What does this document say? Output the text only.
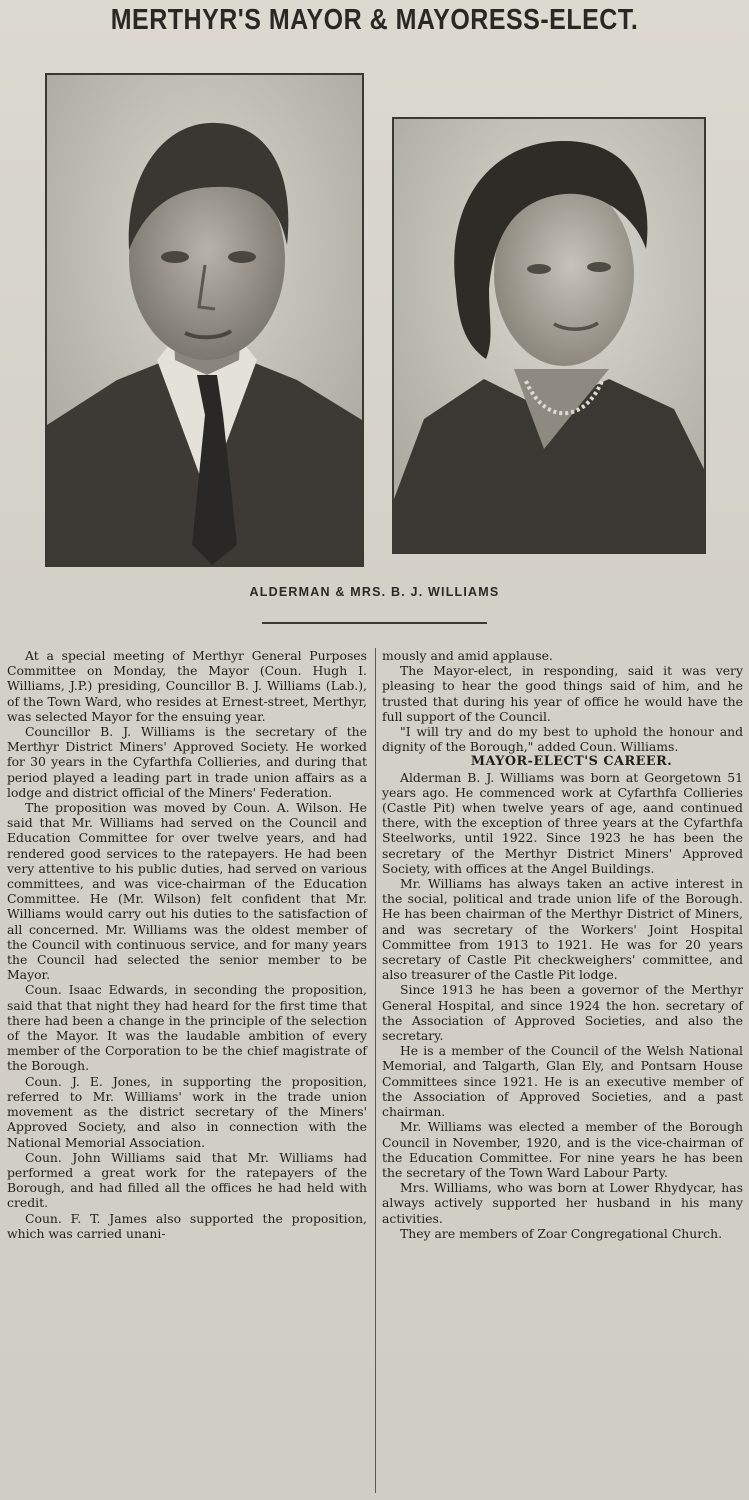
MERTHYR'S MAYOR & MAYORESS-ELECT.
ALDERMAN & MRS. B. J. WILLIAMS

At a special meeting of Merthyr General Purposes Committee on Monday, the Mayor (Coun. Hugh I. Williams, J.P.) presiding, Councillor B. J. Williams (Lab.), of the Town Ward, who resides at Ernest-street, Merthyr, was selected Mayor for the ensuing year.

Councillor B. J. Williams is the secretary of the Merthyr District Miners' Approved Society. He worked for 30 years in the Cyfarthfa Collieries, and during that period played a leading part in trade union affairs as a lodge and district official of the Miners' Federation.

The proposition was moved by Coun. A. Wilson. He said that Mr. Williams had served on the Council and Education Committee for over twelve years, and had rendered good services to the ratepayers. He had been very attentive to his public duties, had served on various committees, and was vice-chairman of the Education Committee. He (Mr. Wilson) felt confident that Mr. Williams would carry out his duties to the satisfaction of all concerned. Mr. Williams was the oldest member of the Council with continuous service, and for many years the Council had selected the senior member to be Mayor.

Coun. Isaac Edwards, in seconding the proposition, said that that night they had heard for the first time that there had been a change in the principle of the selection of the Mayor. It was the laudable ambition of every member of the Corporation to be the chief magistrate of the Borough.

Coun. J. E. Jones, in supporting the proposition, referred to Mr. Williams' work in the trade union movement as the district secretary of the Miners' Approved Society, and also in connection with the National Memorial Association.

Coun. John Williams said that Mr. Williams had performed a great work for the ratepayers of the Borough, and had filled all the offices he had held with credit.

Coun. F. T. James also supported the proposition, which was carried unani-

mously and amid applause.

The Mayor-elect, in responding, said it was very pleasing to hear the good things said of him, and he trusted that during his year of office he would have the full support of the Council.

"I will try and do my best to uphold the honour and dignity of the Borough," added Coun. Williams.

MAYOR-ELECT'S CAREER.

Alderman B. J. Williams was born at Georgetown 51 years ago. He commenced work at Cyfarthfa Collieries (Castle Pit) when twelve years of age, aand continued there, with the exception of three years at the Cyfarthfa Steelworks, until 1922. Since 1923 he has been the secretary of the Merthyr District Miners' Approved Society, with offices at the Angel Buildings.

Mr. Williams has always taken an active interest in the social, political and trade union life of the Borough. He has been chairman of the Merthyr District of Miners, and was secretary of the Workers' Joint Hospital Committee from 1913 to 1921. He was for 20 years secretary of Castle Pit checkweighers' committee, and also treasurer of the Castle Pit lodge.

Since 1913 he has been a governor of the Merthyr General Hospital, and since 1924 the hon. secretary of the Association of Approved Societies, and also the secretary.

He is a member of the Council of the Welsh National Memorial, and Talgarth, Glan Ely, and Pontsarn House Committees since 1921. He is an executive member of the Association of Approved Societies, and a past chairman.

Mr. Williams was elected a member of the Borough Council in November, 1920, and is the vice-chairman of the Education Committee. For nine years he has been the secretary of the Town Ward Labour Party.

Mrs. Williams, who was born at Lower Rhydycar, has always actively supported her husband in his many activities.

They are members of Zoar Congregational Church.
